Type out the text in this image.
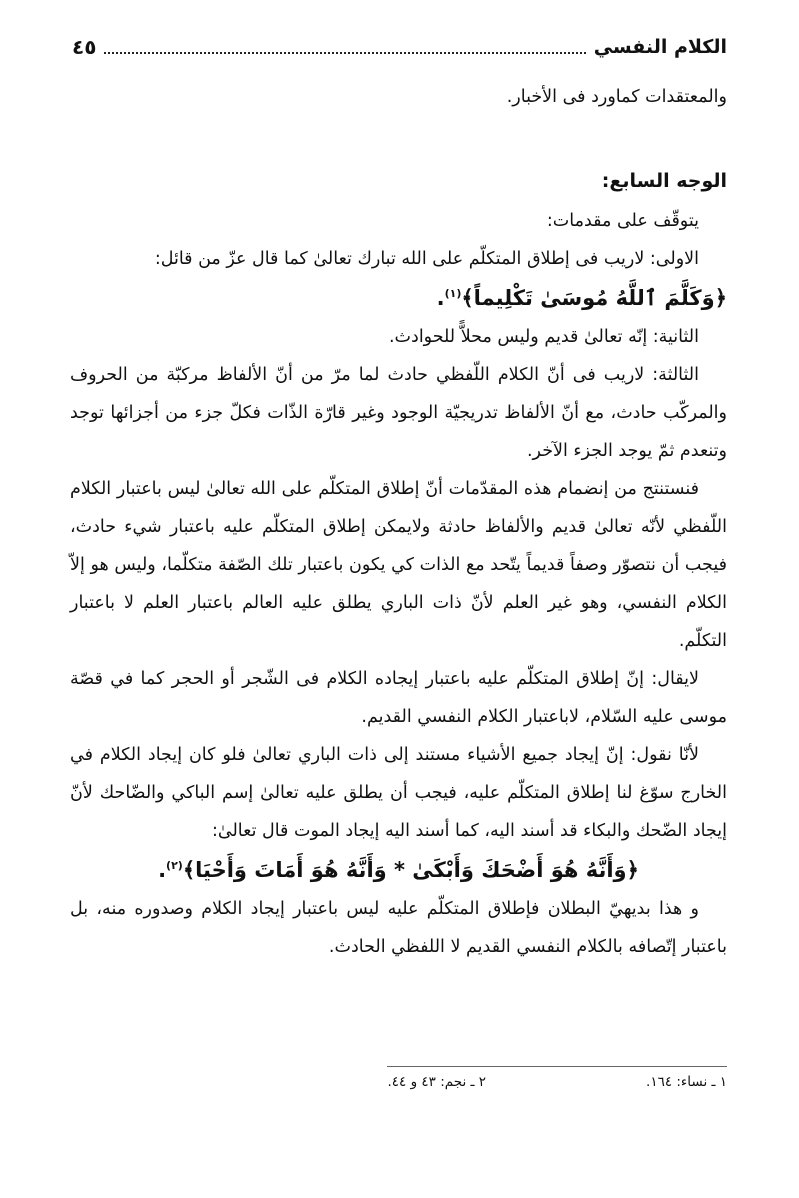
الكلام النفسي
٤٥

والمعتقدات كماورد فى الأخبار.

الوجه السابع:

يتوقّف على مقدمات:

الاولى: لاريب فى إطلاق المتكلّم على الله تبارك تعالىٰ كما قال عزّ من قائل:

﴿وَكَلَّمَ ٱللَّهُ مُوسَىٰ تَكْلِيماً﴾$^{(١)}$.

الثانية: إنّه تعالىٰ قديم وليس محلاًّ للحوادث.

الثالثة: لاريب فى أنّ الكلام اللّفظي حادث لما مرّ من أنّ الألفاظ مركبّة من الحروف والمركّب حادث، مع أنّ الألفاظ تدريجيّة الوجود وغير قارّة الذّات فكلّ جزء من أجزائها توجد وتنعدم ثمّ يوجد الجزء الآخر.

فنستنتج من إنضمام هذه المقدّمات أنّ إطلاق المتكلّم على الله تعالىٰ ليس باعتبار الكلام اللّفظي لأنّه تعالىٰ قديم والألفاظ حادثة ولايمكن إطلاق المتكلّم عليه باعتبار شيء حادث، فيجب أن نتصوّر وصفاً قديماً يتّحد مع الذات كي يكون باعتبار تلك الصّفة متكلّما، وليس هو إلاّ الكلام النفسي، وهو غير العلم لأنّ ذات الباري يطلق عليه العالم باعتبار العلم لا باعتبار التكلّم.

لايقال: إنّ إطلاق المتكلّم عليه باعتبار إيجاده الكلام فى الشّجر أو الحجر كما في قصّة موسى عليه السّلام، لاباعتبار الكلام النفسي القديم.

لأنّا نقول: إنّ إيجاد جميع الأشياء مستند إلى ذات الباري تعالىٰ فلو كان إيجاد الكلام في الخارج سوّغ لنا إطلاق المتكلّم عليه، فيجب أن يطلق عليه تعالىٰ إسم الباكي والضّاحك لأنّ إيجاد الضّحك والبكاء قد أسند اليه، كما أسند اليه إيجاد الموت قال تعالىٰ:

﴿وَأَنَّهُ هُوَ أَضْحَكَ وَأَبْكَىٰ * وَأَنَّهُ هُوَ أَمَاتَ وَأَحْيَا﴾$^{(٢)}$.

و هذا بديهيّ البطلان فإطلاق المتكلّم عليه ليس باعتبار إيجاد الكلام وصدوره منه، بل باعتبار إتّصافه بالكلام النفسي القديم لا اللفظي الحادث.

١ ـ نساء: ١٦٤.
٢ ـ نجم: ٤٣ و ٤٤.
